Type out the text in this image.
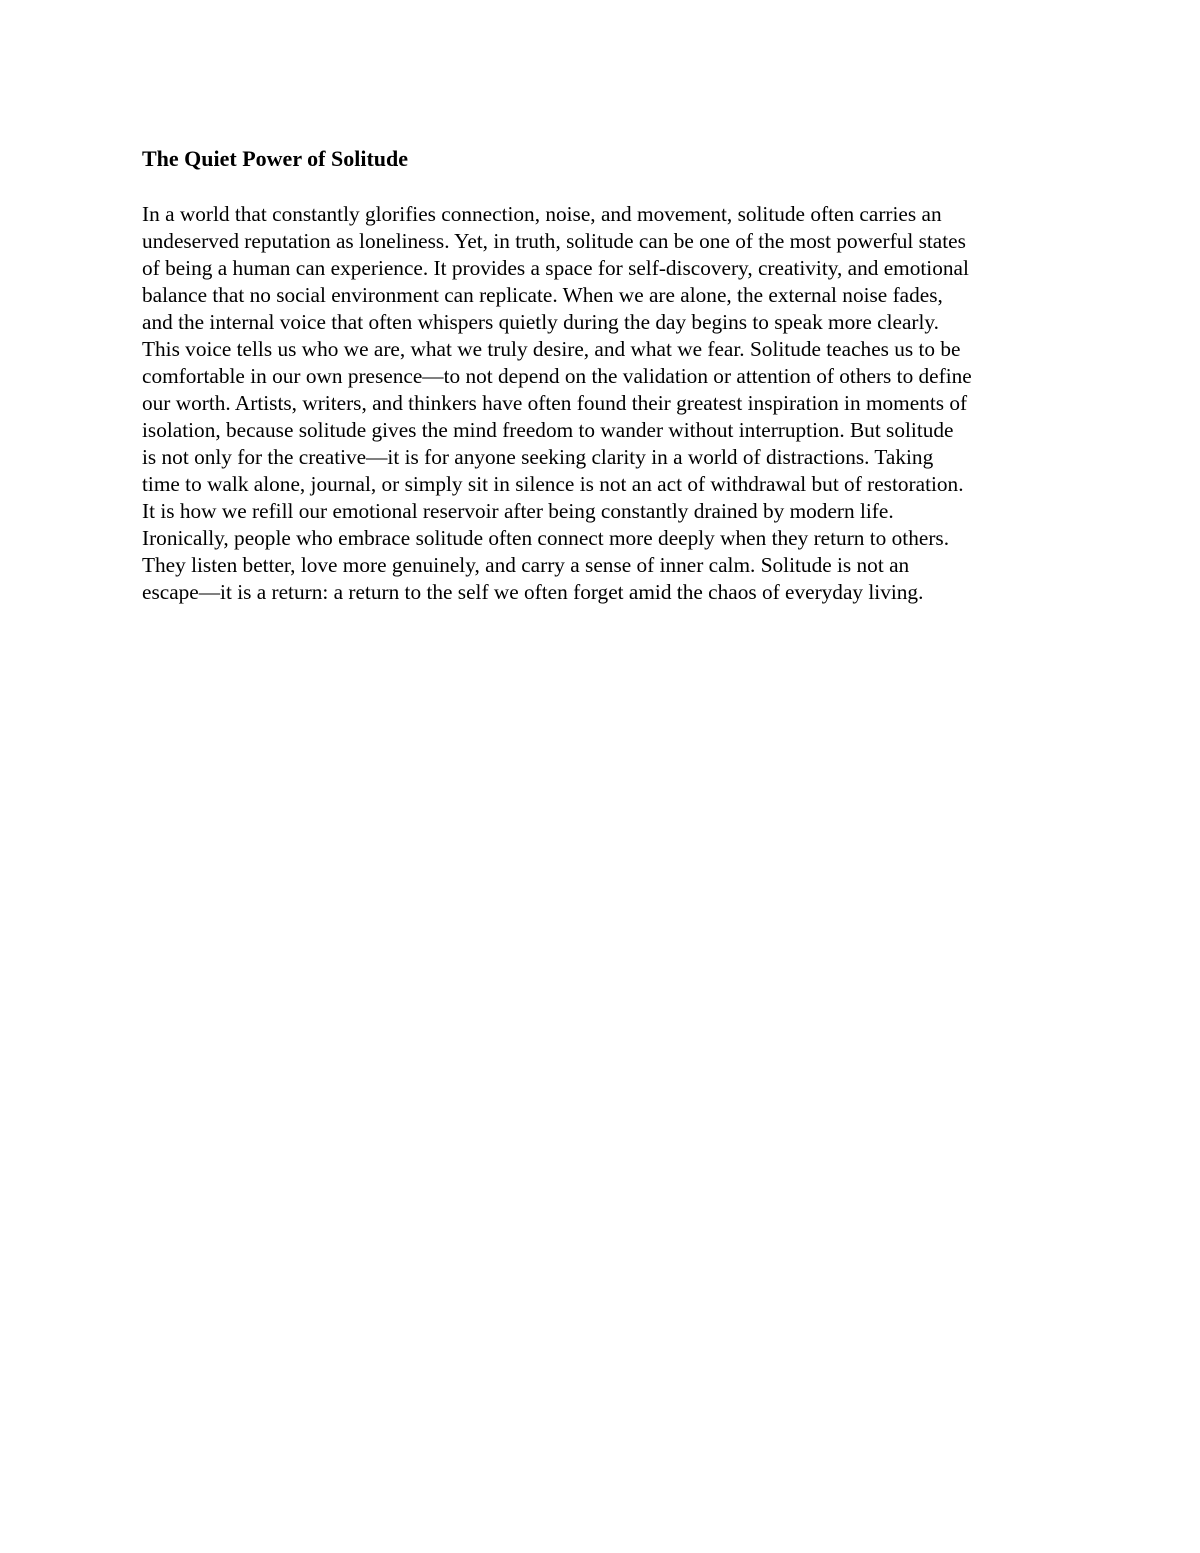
The Quiet Power of Solitude

In a world that constantly glorifies connection, noise, and movement, solitude often carries an
undeserved reputation as loneliness. Yet, in truth, solitude can be one of the most powerful states
of being a human can experience. It provides a space for self-discovery, creativity, and emotional
balance that no social environment can replicate. When we are alone, the external noise fades,
and the internal voice that often whispers quietly during the day begins to speak more clearly.
This voice tells us who we are, what we truly desire, and what we fear. Solitude teaches us to be
comfortable in our own presence—to not depend on the validation or attention of others to define
our worth. Artists, writers, and thinkers have often found their greatest inspiration in moments of
isolation, because solitude gives the mind freedom to wander without interruption. But solitude
is not only for the creative—it is for anyone seeking clarity in a world of distractions. Taking
time to walk alone, journal, or simply sit in silence is not an act of withdrawal but of restoration.
It is how we refill our emotional reservoir after being constantly drained by modern life.
Ironically, people who embrace solitude often connect more deeply when they return to others.
They listen better, love more genuinely, and carry a sense of inner calm. Solitude is not an
escape—it is a return: a return to the self we often forget amid the chaos of everyday living.
